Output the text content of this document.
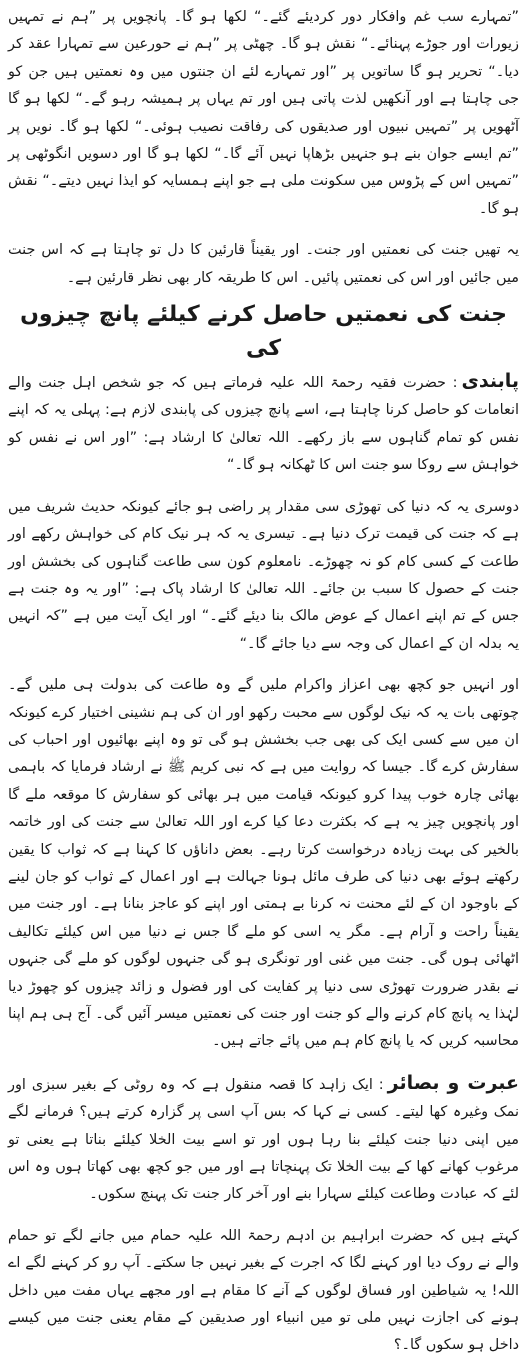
”تمہارے سب غم وافکار دور کردیئے گئے۔“ لکھا ہو گا۔ پانچویں پر ”ہم نے تمہیں زیورات اور جوڑے پہنائے۔“ نقش ہو گا۔ چھٹی پر ”ہم نے حورعین سے تمہارا عقد کر دیا۔“ تحریر ہو گا ساتویں پر ”اور تمہارے لئے ان جنتوں میں وہ نعمتیں ہیں جن کو جی چاہتا ہے اور آنکھیں لذت پاتی ہیں اور تم یہاں پر ہمیشہ رہو گے۔“ لکھا ہو گا آٹھویں پر ”تمہیں نبیوں اور صدیقوں کی رفاقت نصیب ہوئی۔“ لکھا ہو گا۔ نویں پر ”تم ایسے جوان بنے ہو جنہیں بڑھاپا نہیں آئے گا۔“ لکھا ہو گا اور دسویں انگوٹھی پر ”تمہیں اس کے پڑوس میں سکونت ملی ہے جو اپنے ہمسایہ کو ایذا نہیں دیتے۔“ نقش ہو گا۔

یہ تھیں جنت کی نعمتیں اور جنت۔ اور یقیناً قارئین کا دل تو چاہتا ہے کہ اس جنت میں جائیں اور اس کی نعمتیں پائیں۔ اس کا طریقہ کار بھی نظر قارئین ہے۔

جنت کی نعمتیں حاصل کرنے کیلئے پانچ چیزوں کی

پابندی: حضرت فقیہ رحمۃ اللہ علیہ فرماتے ہیں کہ جو شخص اہل جنت والے انعامات کو حاصل کرنا چاہتا ہے، اسے پانچ چیزوں کی پابندی لازم ہے: پہلی یہ کہ اپنے نفس کو تمام گناہوں سے باز رکھے۔ اللہ تعالیٰ کا ارشاد ہے: ”اور اس نے نفس کو خواہش سے روکا سو جنت اس کا ٹھکانہ ہو گا۔“

دوسری یہ کہ دنیا کی تھوڑی سی مقدار پر راضی ہو جائے کیونکہ حدیث شریف میں ہے کہ جنت کی قیمت ترک دنیا ہے۔ تیسری یہ کہ ہر نیک کام کی خواہش رکھے اور طاعت کے کسی کام کو نہ چھوڑے۔ نامعلوم کون سی طاعت گناہوں کی بخشش اور جنت کے حصول کا سبب بن جائے۔ اللہ تعالیٰ کا ارشاد پاک ہے: ”اور یہ وہ جنت ہے جس کے تم اپنے اعمال کے عوض مالک بنا دیئے گئے۔“ اور ایک آیت میں ہے ”کہ انہیں یہ بدلہ ان کے اعمال کی وجہ سے دیا جائے گا۔“

اور انہیں جو کچھ بھی اعزاز واکرام ملیں گے وہ طاعت کی بدولت ہی ملیں گے۔ چوتھی بات یہ کہ نیک لوگوں سے محبت رکھو اور ان کی ہم نشینی اختیار کرے کیونکہ ان میں سے کسی ایک کی بھی جب بخشش ہو گی تو وہ اپنے بھائیوں اور احباب کی سفارش کرے گا۔ جیسا کہ روایت میں ہے کہ نبی کریم ﷺ نے ارشاد فرمایا کہ باہمی بھائی چارہ خوب پیدا کرو کیونکہ قیامت میں ہر بھائی کو سفارش کا موقعہ ملے گا اور پانچویں چیز یہ ہے کہ بکثرت دعا کیا کرے اور اللہ تعالیٰ سے جنت کی اور خاتمہ بالخیر کی بہت زیادہ درخواست کرتا رہے۔ بعض داناؤں کا کہنا ہے کہ ثواب کا یقین رکھتے ہوئے بھی دنیا کی طرف مائل ہونا جہالت ہے اور اعمال کے ثواب کو جان لینے کے باوجود ان کے لئے محنت نہ کرنا بے ہمتی اور اپنے کو عاجز بنانا ہے۔ اور جنت میں یقیناً راحت و آرام ہے۔ مگر یہ اسی کو ملے گا جس نے دنیا میں اس کیلئے تکالیف اٹھائی ہوں گی۔ جنت میں غنی اور تونگری ہو گی جنہوں لوگوں کو ملے گی جنہوں نے بقدر ضرورت تھوڑی سی دنیا پر کفایت کی اور فضول و زائد چیزوں کو چھوڑ دیا لہٰذا یہ پانچ کام کرنے والے کو جنت اور جنت کی نعمتیں میسر آئیں گی۔ آج ہی ہم اپنا محاسبہ کریں کہ یا پانچ کام ہم میں پائے جاتے ہیں۔

عبرت و بصائر: ایک زاہد کا قصہ منقول ہے کہ وہ روٹی کے بغیر سبزی اور نمک وغیرہ کھا لیتے۔ کسی نے کہا کہ بس آپ اسی پر گزارہ کرتے ہیں؟ فرمانے لگے میں اپنی دنیا جنت کیلئے بنا رہا ہوں اور تو اسے بیت الخلا کیلئے بناتا ہے یعنی تو مرغوب کھانے کھا کے بیت الخلا تک پہنچاتا ہے اور میں جو کچھ بھی کھاتا ہوں وہ اس لئے کہ عبادت وطاعت کیلئے سہارا بنے اور آخر کار جنت تک پہنچ سکوں۔

کہتے ہیں کہ حضرت ابراہیم بن ادہم رحمۃ اللہ علیہ حمام میں جانے لگے تو حمام والے نے روک دیا اور کہنے لگا کہ اجرت کے بغیر نہیں جا سکتے۔ آپ رو کر کہنے لگے اے اللہ! یہ شیاطین اور فساق لوگوں کے آنے کا مقام ہے اور مجھے یہاں مفت میں داخل ہونے کی اجازت نہیں ملی تو میں انبیاء اور صدیقین کے مقام یعنی جنت میں کیسے داخل ہو سکوں گا۔؟
